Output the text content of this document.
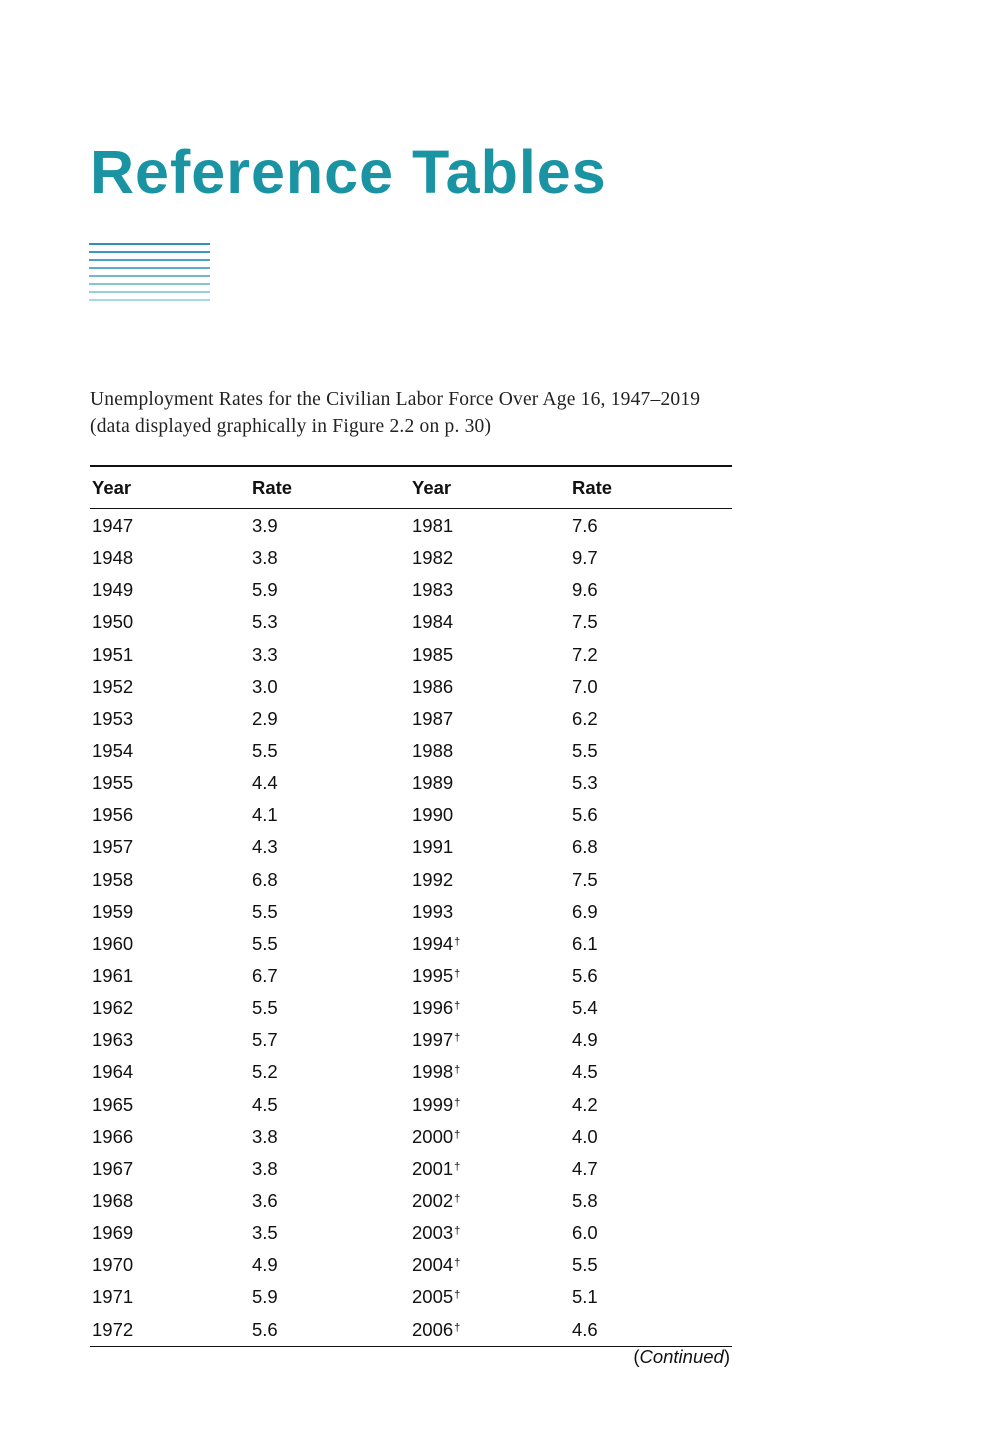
Reference Tables

Unemployment Rates for the Civilian Labor Force Over Age 16, 1947–2019 (data displayed graphically in Figure 2.2 on p. 30)

Year	Rate	Year	Rate
1947	3.9	1981	7.6
1948	3.8	1982	9.7
1949	5.9	1983	9.6
1950	5.3	1984	7.5
1951	3.3	1985	7.2
1952	3.0	1986	7.0
1953	2.9	1987	6.2
1954	5.5	1988	5.5
1955	4.4	1989	5.3
1956	4.1	1990	5.6
1957	4.3	1991	6.8
1958	6.8	1992	7.5
1959	5.5	1993	6.9
1960	5.5	1994†	6.1
1961	6.7	1995†	5.6
1962	5.5	1996†	5.4
1963	5.7	1997†	4.9
1964	5.2	1998†	4.5
1965	4.5	1999†	4.2
1966	3.8	2000†	4.0
1967	3.8	2001†	4.7
1968	3.6	2002†	5.8
1969	3.5	2003†	6.0
1970	4.9	2004†	5.5
1971	5.9	2005†	5.1
1972	5.6	2006†	4.6
(Continued)
